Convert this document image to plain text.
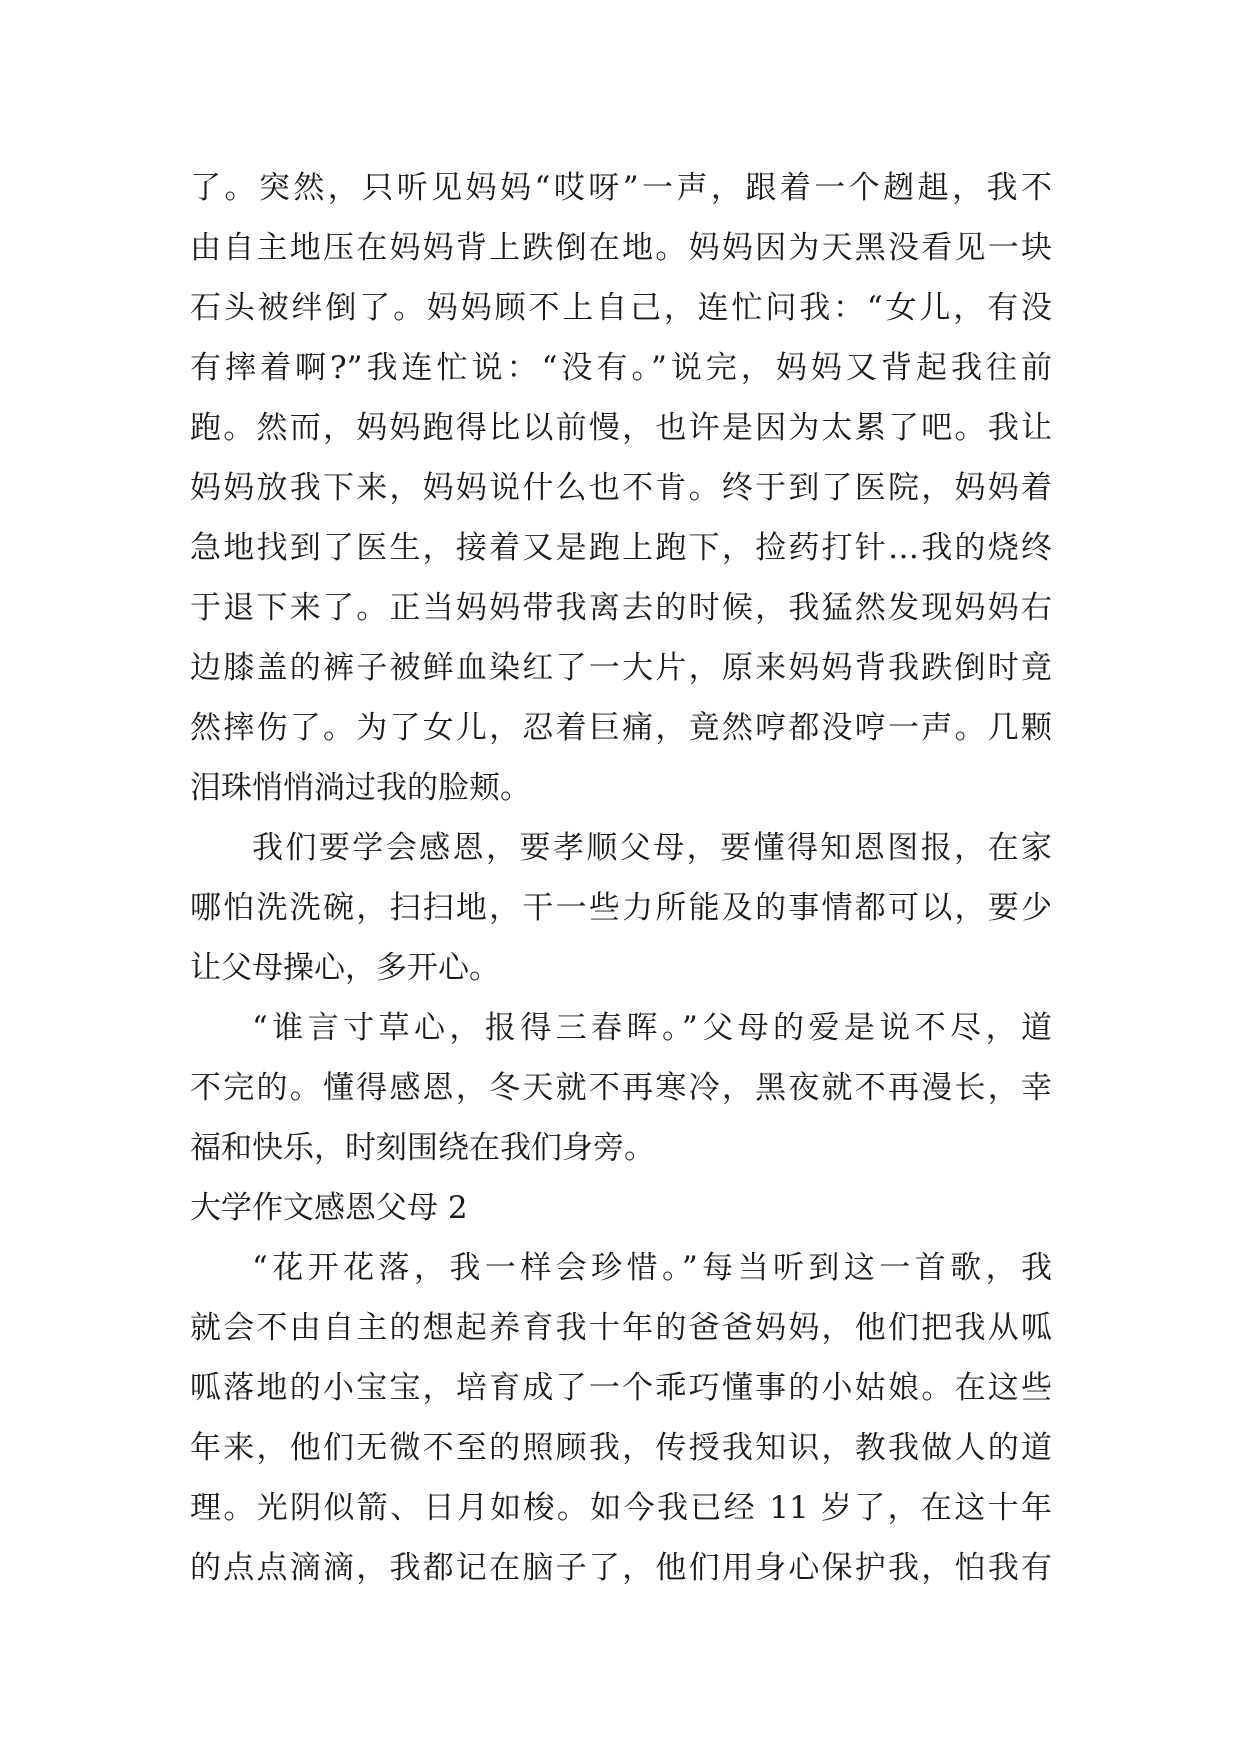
了。突然，只听见妈妈“哎呀”一声，跟着一个趔趄，我不
由自主地压在妈妈背上跌倒在地。妈妈因为天黑没看见一块
石头被绊倒了。妈妈顾不上自己，连忙问我：“女儿，有没
有摔着啊?”我连忙说：“没有。”说完，妈妈又背起我往前
跑。然而，妈妈跑得比以前慢，也许是因为太累了吧。我让
妈妈放我下来，妈妈说什么也不肯。终于到了医院，妈妈着
急地找到了医生，接着又是跑上跑下，捡药打针…我的烧终
于退下来了。正当妈妈带我离去的时候，我猛然发现妈妈右
边膝盖的裤子被鲜血染红了一大片，原来妈妈背我跌倒时竟
然摔伤了。为了女儿，忍着巨痛，竟然哼都没哼一声。几颗
泪珠悄悄淌过我的脸颊。
我们要学会感恩，要孝顺父母，要懂得知恩图报，在家
哪怕洗洗碗，扫扫地，干一些力所能及的事情都可以，要少
让父母操心，多开心。
“谁言寸草心，报得三春晖。”父母的爱是说不尽，道
不完的。懂得感恩，冬天就不再寒冷，黑夜就不再漫长，幸
福和快乐，时刻围绕在我们身旁。
大学作文感恩父母 2
“花开花落，我一样会珍惜。”每当听到这一首歌，我
就会不由自主的想起养育我十年的爸爸妈妈，他们把我从呱
呱落地的小宝宝，培育成了一个乖巧懂事的小姑娘。在这些
年来，他们无微不至的照顾我，传授我知识，教我做人的道
理。光阴似箭、日月如梭。如今我已经 11 岁了，在这十年
的点点滴滴，我都记在脑子了，他们用身心保护我，怕我有
